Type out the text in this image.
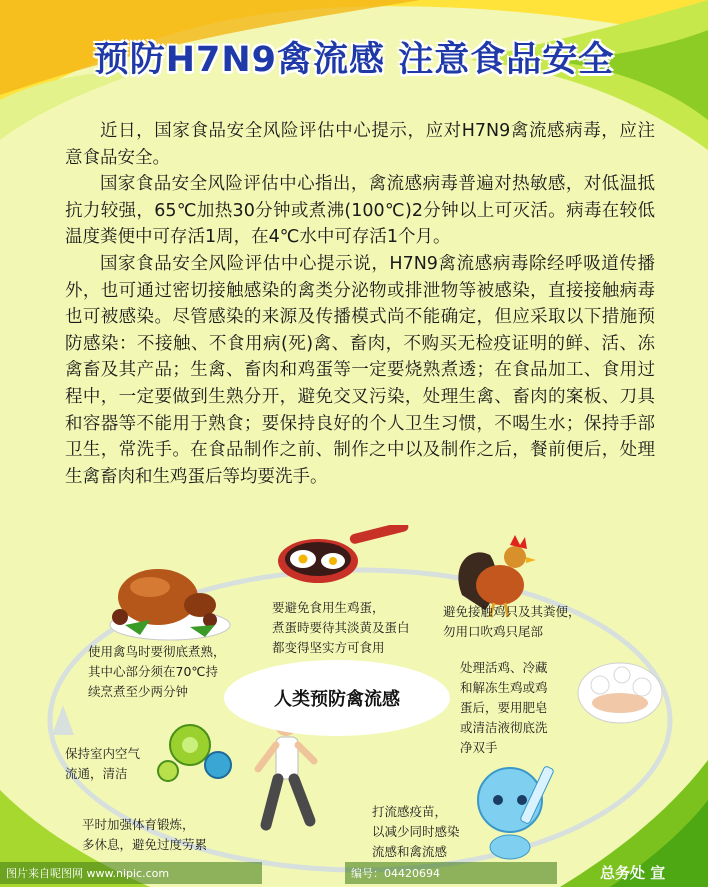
预防H7N9禽流感 注意食品安全

近日，国家食品安全风险评估中心提示，应对H7N9禽流感病毒，应注意食品安全。

国家食品安全风险评估中心指出，禽流感病毒普遍对热敏感，对低温抵抗力较强，65℃加热30分钟或煮沸(100℃)2分钟以上可灭活。病毒在较低温度粪便中可存活1周，在4℃水中可存活1个月。

国家食品安全风险评估中心提示说，H7N9禽流感病毒除经呼吸道传播外，也可通过密切接触感染的禽类分泌物或排泄物等被感染，直接接触病毒也可被感染。尽管感染的来源及传播模式尚不能确定，但应采取以下措施预防感染：不接触、不食用病(死)禽、畜肉，不购买无检疫证明的鲜、活、冻禽畜及其产品；生禽、畜肉和鸡蛋等一定要烧熟煮透；在食品加工、食用过程中，一定要做到生熟分开，避免交叉污染，处理生禽、畜肉的案板、刀具和容器等不能用于熟食；要保持良好的个人卫生习惯，不喝生水；保持手部卫生，常洗手。在食品制作之前、制作之中以及制作之后，餐前便后，处理生禽畜肉和生鸡蛋后等均要洗手。

人类预防禽流感
要避免食用生鸡蛋，
煮蛋時要待其淡黄及蛋白
都变得坚实方可食用
避免接触鸡只及其粪便，
勿用口吹鸡只尾部
使用禽鸟时要彻底煮熟，
其中心部分须在70℃持
续烹煮至少两分钟
处理活鸡、冷藏
和解冻生鸡或鸡
蛋后，要用肥皂
或清洁液彻底洗
净双手
保持室内空气
流通，清洁
打流感疫苗，
以减少同时感染
流感和禽流感
平时加强体育锻炼，
多休息，避免过度劳累
图片来自呢图网 www.nipic.com	编号：04420694	总务处 宣
